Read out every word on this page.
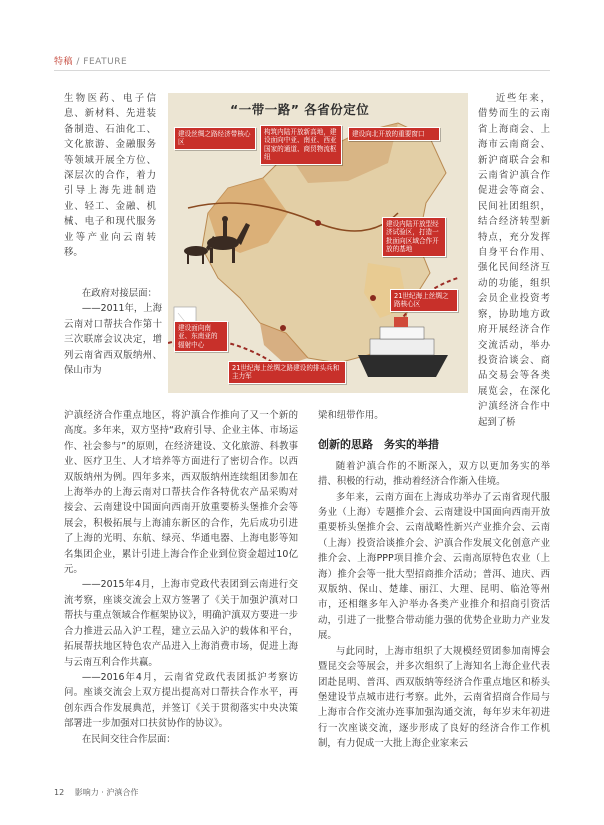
特稿 / FEATURE

生物医药、电子信息、新材料、先进装备制造、石油化工、文化旅游、金融服务等领域开展全方位、深层次的合作，着力引导上海先进制造业、轻工、金融、机械、电子和现代服务业等产业向云南转移。

在政府对接层面：

——2011年，上海云南对口帮扶合作第十三次联席会议决定，增列云南省西双版纳州、保山市为

“一带一路” 各省份定位
建设丝绸之路经济带核心区
构筑内陆开放新高地，建设面向中亚、南亚、西亚国家的通道、商贸物流枢纽
建设向北开放的重要窗口
建设内陆开放型经济试验区，打造一批面向区域合作开放的基地
建设面向南亚、东南亚的辐射中心
21世纪海上丝绸之路核心区
21世纪海上丝绸之路建设的排头兵和主力军

近些年来，借势而生的云南省上海商会、上海市云南商会、新沪商联合会和云南省沪滇合作促进会等商会、民间社团组织，结合经济转型新特点，充分发挥自身平台作用、强化民间经济互动的功能，组织会员企业投资考察，协助地方政府开展经济合作交流活动，举办投资洽谈会、商品交易会等各类展览会，在深化沪滇经济合作中起到了桥

沪滇经济合作重点地区，将沪滇合作推向了又一个新的高度。多年来，双方坚持“政府引导、企业主体、市场运作、社会参与”的原则，在经济建设、文化旅游、科教事业、医疗卫生、人才培养等方面进行了密切合作。以西双版纳州为例。四年多来，西双版纳州连续组团参加在上海举办的上海云南对口帮扶合作各特优农产品采购对接会、云南建设中国面向西南开放重要桥头堡推介会等展会，积极拓展与上海浦东新区的合作，先后成功引进了上海的光明、东航、绿亮、华通电器、上海电影等知名集团企业，累计引进上海合作企业到位资金超过10亿元。

——2015年4月，上海市党政代表团到云南进行交流考察，座谈交流会上双方签署了《关于加强沪滇对口帮扶与重点领域合作框架协议》，明确沪滇双方要进一步合力推进云品入沪工程，建立云品入沪的载体和平台，拓展帮扶地区特色农产品进入上海消费市场，促进上海与云南互利合作共赢。

——2016年4月，云南省党政代表团抵沪考察访问。座谈交流会上双方提出提高对口帮扶合作水平，再创东西合作发展典范，并签订《关于贯彻落实中央决策部署进一步加强对口扶贫协作的协议》。

在民间交往合作层面：

梁和纽带作用。

创新的思路　务实的举措

随着沪滇合作的不断深入，双方以更加务实的举措、积极的行动，推动着经济合作渐入佳境。

多年来，云南方面在上海成功举办了云南省现代服务业（上海）专题推介会、云南建设中国面向西南开放重要桥头堡推介会、云南战略性新兴产业推介会、云南（上海）投资洽谈推介会、沪滇合作发展文化创意产业推介会、上海PPP项目推介会、云南高原特色农业（上海）推介会等一批大型招商推介活动；普洱、迪庆、西双版纳、保山、楚雄、丽江、大理、昆明、临沧等州市，还相继多年入沪举办各类产业推介和招商引资活动，引进了一批整合带动能力强的优势企业助力产业发展。

与此同时，上海市组织了大规模经贸团参加南博会暨昆交会等展会，并多次组织了上海知名上海企业代表团赴昆明、普洱、西双版纳等经济合作重点地区和桥头堡建设节点城市进行考察。此外，云南省招商合作局与上海市合作交流办连事加强沟通交流，每年岁末年初进行一次座谈交流，逐步形成了良好的经济合作工作机制，有力促成一大批上海企业家来云

12 影响力 · 沪滇合作
